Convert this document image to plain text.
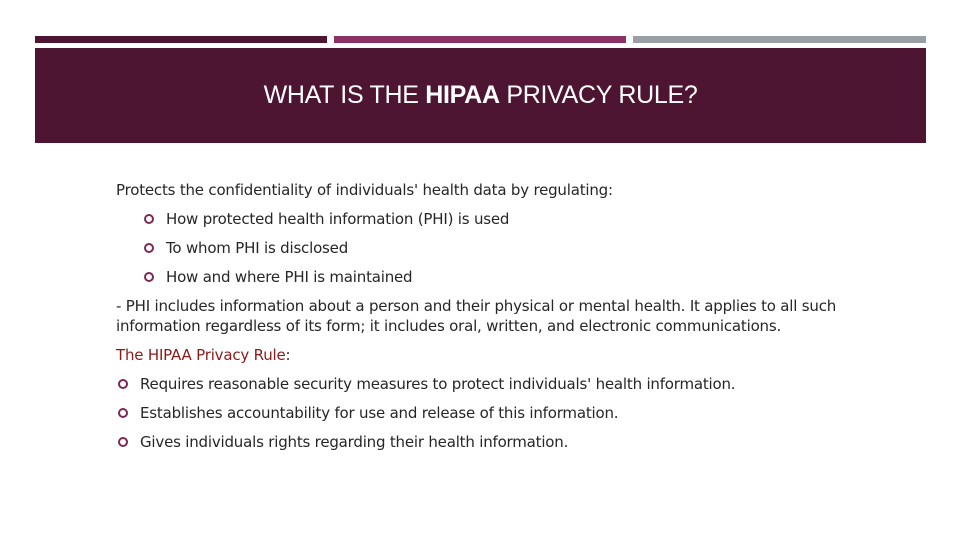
WHAT IS THE HIPAA PRIVACY RULE?
Protects the confidentiality of individuals' health data by regulating:
How protected health information (PHI) is used
To whom PHI is disclosed
How and where PHI is maintained
- PHI includes information about a person and their physical or mental health. It applies to all such
information regardless of its form; it includes oral, written, and electronic communications.
The HIPAA Privacy Rule:
Requires reasonable security measures to protect individuals' health information.
Establishes accountability for use and release of this information.
Gives individuals rights regarding their health information.
